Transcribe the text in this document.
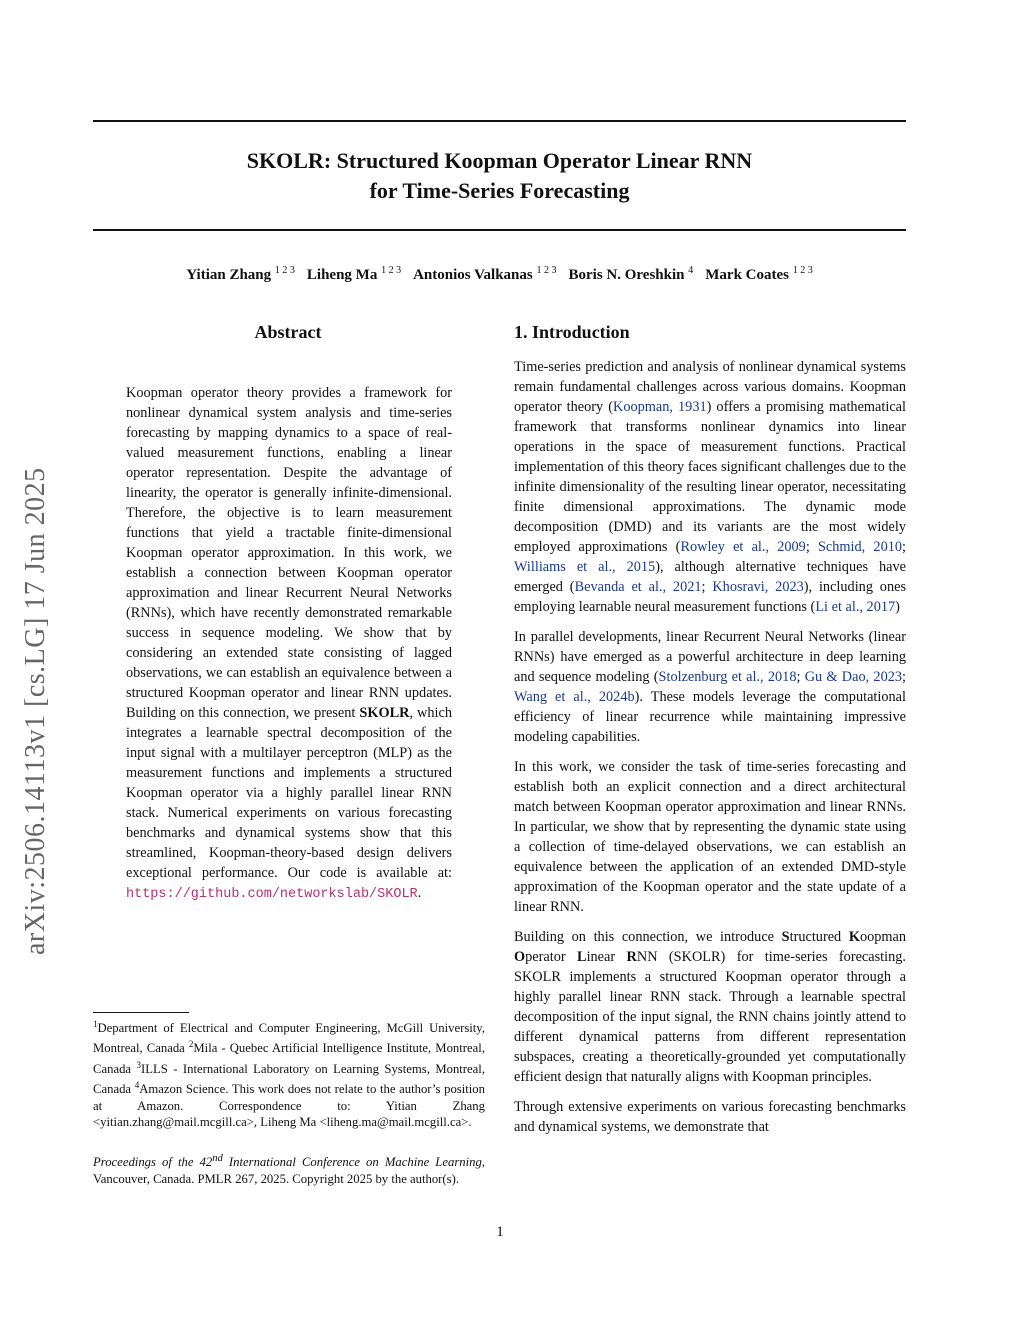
SKOLR: Structured Koopman Operator Linear RNN
for Time-Series Forecasting
Yitian Zhang $^{1 2 3}$ Liheng Ma $^{1 2 3}$ Antonios Valkanas $^{1 2 3}$ Boris N. Oreshkin $^4$ Mark Coates $^{1 2 3}$
arXiv:2506.14113v1 [cs.LG] 17 Jun 2025
Abstract
Koopman operator theory provides a framework for nonlinear dynamical system analysis and time-series forecasting by mapping dynamics to a space of real-valued measurement functions, enabling a linear operator representation. Despite the advantage of linearity, the operator is generally infinite-dimensional. Therefore, the objective is to learn measurement functions that yield a tractable finite-dimensional Koopman operator approximation. In this work, we establish a connection between Koopman operator approximation and linear Recurrent Neural Networks (RNNs), which have recently demonstrated remarkable success in sequence modeling. We show that by considering an extended state consisting of lagged observations, we can establish an equivalence between a structured Koopman operator and linear RNN updates. Building on this connection, we present SKOLR, which integrates a learnable spectral decomposition of the input signal with a multilayer perceptron (MLP) as the measurement functions and implements a structured Koopman operator via a highly parallel linear RNN stack. Numerical experiments on various forecasting benchmarks and dynamical systems show that this streamlined, Koopman-theory-based design delivers exceptional performance. Our code is available at: https://github.com/networkslab/SKOLR.
$^1$Department of Electrical and Computer Engineering, McGill University, Montreal, Canada $^2$Mila - Quebec Artificial Intelligence Institute, Montreal, Canada $^3$ILLS - International Laboratory on Learning Systems, Montreal, Canada $^4$Amazon Science. This work does not relate to the author’s position at Amazon. Correspondence to: Yitian Zhang <yitian.zhang@mail.mcgill.ca>, Liheng Ma <liheng.ma@mail.mcgill.ca>.
Proceedings of the 42nd International Conference on Machine Learning, Vancouver, Canada. PMLR 267, 2025. Copyright 2025 by the author(s).
1. Introduction

Time-series prediction and analysis of nonlinear dynamical systems remain fundamental challenges across various domains. Koopman operator theory (Koopman, 1931) offers a promising mathematical framework that transforms nonlinear dynamics into linear operations in the space of measurement functions. Practical implementation of this theory faces significant challenges due to the infinite dimensionality of the resulting linear operator, necessitating finite dimensional approximations. The dynamic mode decomposition (DMD) and its variants are the most widely employed approximations (Rowley et al., 2009; Schmid, 2010; Williams et al., 2015), although alternative techniques have emerged (Bevanda et al., 2021; Khosravi, 2023), including ones employing learnable neural measurement functions (Li et al., 2017)

In parallel developments, linear Recurrent Neural Networks (linear RNNs) have emerged as a powerful architecture in deep learning and sequence modeling (Stolzenburg et al., 2018; Gu & Dao, 2023; Wang et al., 2024b). These models leverage the computational efficiency of linear recurrence while maintaining impressive modeling capabilities.

In this work, we consider the task of time-series forecasting and establish both an explicit connection and a direct architectural match between Koopman operator approximation and linear RNNs. In particular, we show that by representing the dynamic state using a collection of time-delayed observations, we can establish an equivalence between the application of an extended DMD-style approximation of the Koopman operator and the state update of a linear RNN.

Building on this connection, we introduce Structured Koopman Operator Linear RNN (SKOLR) for time-series forecasting. SKOLR implements a structured Koopman operator through a highly parallel linear RNN stack. Through a learnable spectral decomposition of the input signal, the RNN chains jointly attend to different dynamical patterns from different representation subspaces, creating a theoretically-grounded yet computationally efficient design that naturally aligns with Koopman principles.

Through extensive experiments on various forecasting benchmarks and dynamical systems, we demonstrate that

1
